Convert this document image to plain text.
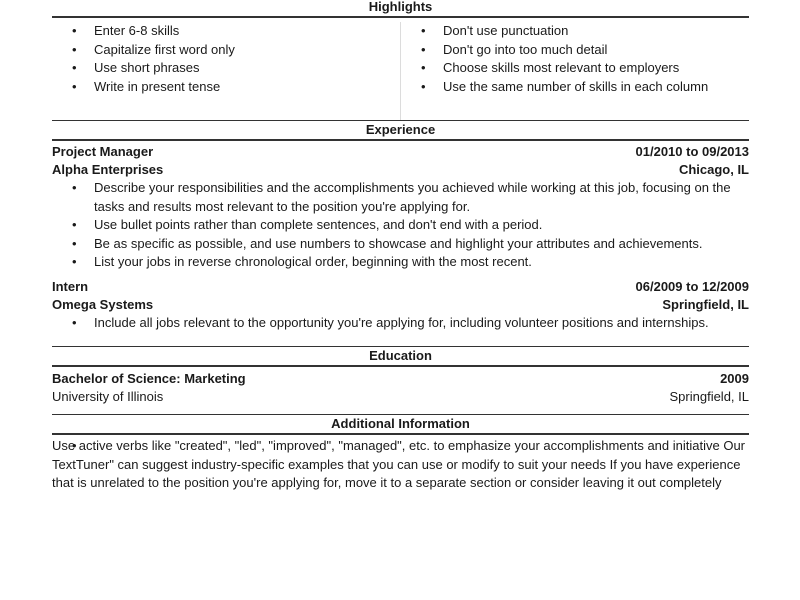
Highlights
• Enter 6-8 skills
• Capitalize first word only
• Use short phrases
• Write in present tense
• Don't use punctuation
• Don't go into too much detail
• Choose skills most relevant to employers
• Use the same number of skills in each column
Experience
Project Manager	01/2010 to 09/2013
Alpha Enterprises	Chicago, IL
• Describe your responsibilities and the accomplishments you achieved while working at this job, focusing on the tasks and results most relevant to the position you're applying for.
• Use bullet points rather than complete sentences, and don't end with a period.
• Be as specific as possible, and use numbers to showcase and highlight your attributes and achievements.
• List your jobs in reverse chronological order, beginning with the most recent.
Intern	06/2009 to 12/2009
Omega Systems	Springfield, IL
• Include all jobs relevant to the opportunity you're applying for, including volunteer positions and internships.
Education
Bachelor of Science: Marketing	2009
University of Illinois	Springfield, IL
Additional Information
• Use active verbs like "created", "led", "improved", "managed", etc. to emphasize your accomplishments and initiative Our TextTuner" can suggest industry-specific examples that you can use or modify to suit your needs If you have experience that is unrelated to the position you're applying for, move it to a separate section or consider leaving it out completely
